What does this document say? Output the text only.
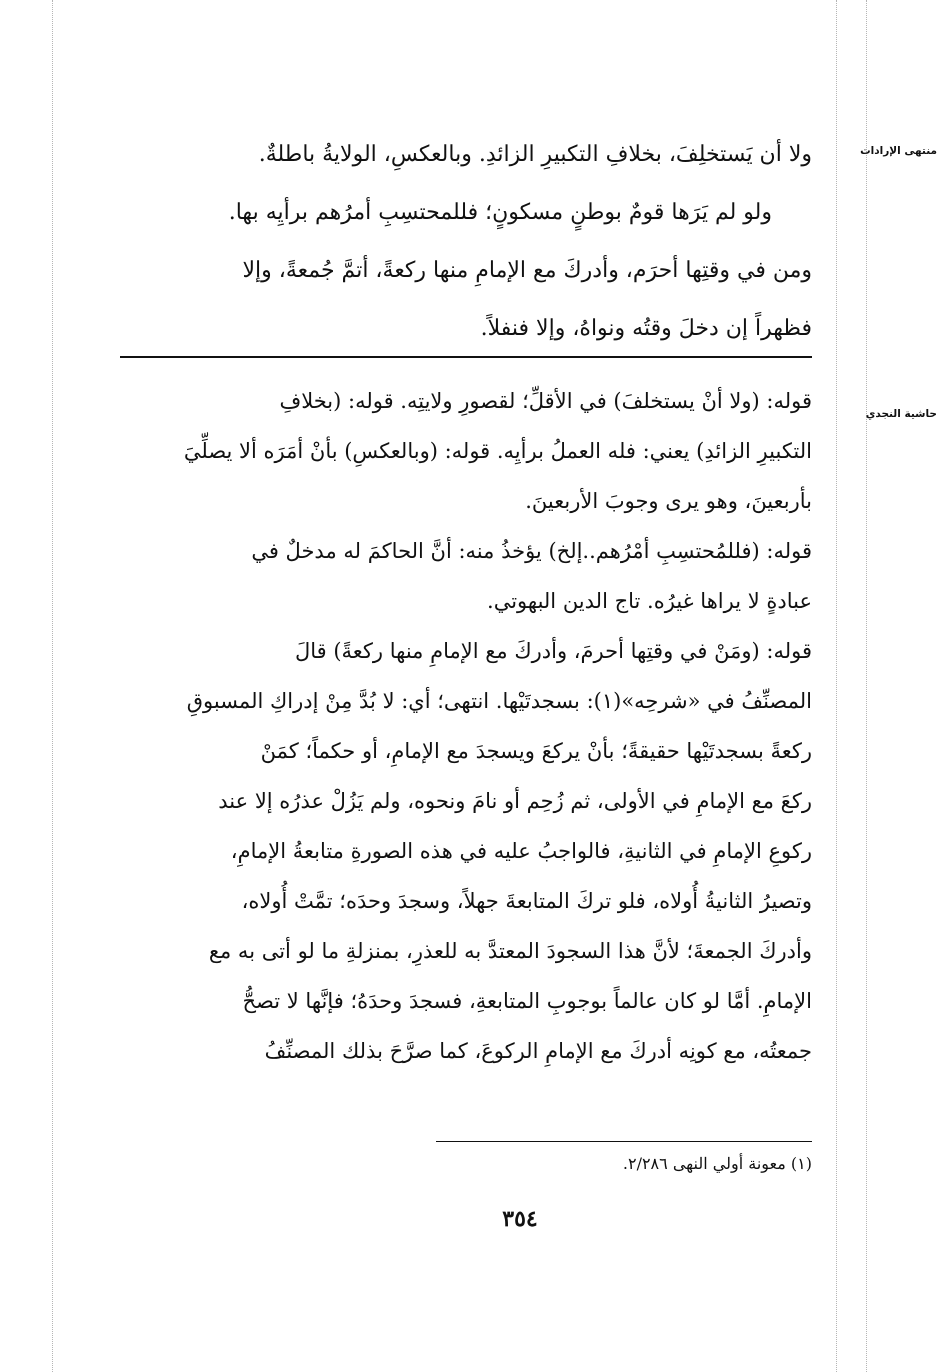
منتهى الإرادات
حاشية النجدي
ولا أن يَستخلِفَ، بخلافِ التكبيرِ الزائدِ. وبالعكسِ، الولايةُ باطلةٌ.
ولو لم يَرَها قومٌ بوطنٍ مسكونٍ؛ فللمحتسِبِ أمرُهم برأيِه بها.
ومن في وقتِها أحرَم، وأدركَ مع الإمامِ منها ركعةً، أتمَّ جُمعةً، وإلا
فظهراً إن دخلَ وقتُه ونواهُ، وإلا فنفلاً.
قوله: (ولا أنْ يستخلفَ) في الأقلِّ؛ لقصورِ ولايتِه. قوله: (بخلافِ
التكبيرِ الزائدِ) يعني: فله العملُ برأيِه. قوله: (وبالعكسِ) بأنْ أمَرَه ألا يصلِّيَ
بأربعينَ، وهو يرى وجوبَ الأربعينَ.
قوله: (فللمُحتسِبِ أمْرُهم..إلخ) يؤخذُ منه: أنَّ الحاكمَ له مدخلٌ في
عبادةٍ لا يراها غيرُه. تاج الدين البهوتي.
قوله: (ومَنْ في وقتِها أحرمَ، وأدركَ مع الإمامِ منها ركعةً) قالَ
المصنِّفُ في «شرحِه»(١): بسجدتَيْها. انتهى؛ أي: لا بُدَّ مِنْ إدراكِ المسبوقِ
ركعةً بسجدتَيْها حقيقةً؛ بأنْ يركعَ ويسجدَ مع الإمامِ، أو حكماً؛ كمَنْ
ركعَ مع الإمامِ في الأولى، ثم زُحِم أو نامَ ونحوه، ولم يَزُلْ عذرُه إلا عند
ركوعِ الإمامِ في الثانيةِ، فالواجبُ عليه في هذه الصورةِ متابعةُ الإمامِ،
وتصيرُ الثانيةُ أُولاه، فلو تركَ المتابعةَ جهلاً، وسجدَ وحدَه؛ تمَّتْ أُولاه،
وأدركَ الجمعةَ؛ لأنَّ هذا السجودَ المعتدَّ به للعذرِ، بمنزلةِ ما لو أتى به مع
الإمامِ. أمَّا لو كان عالماً بوجوبِ المتابعةِ، فسجدَ وحدَهُ؛ فإنَّها لا تصحُّ
جمعتُه، مع كونِه أدركَ مع الإمامِ الركوعَ، كما صرَّحَ بذلك المصنِّفُ
(١) معونة أولي النهى ٢/٢٨٦.
٣٥٤
